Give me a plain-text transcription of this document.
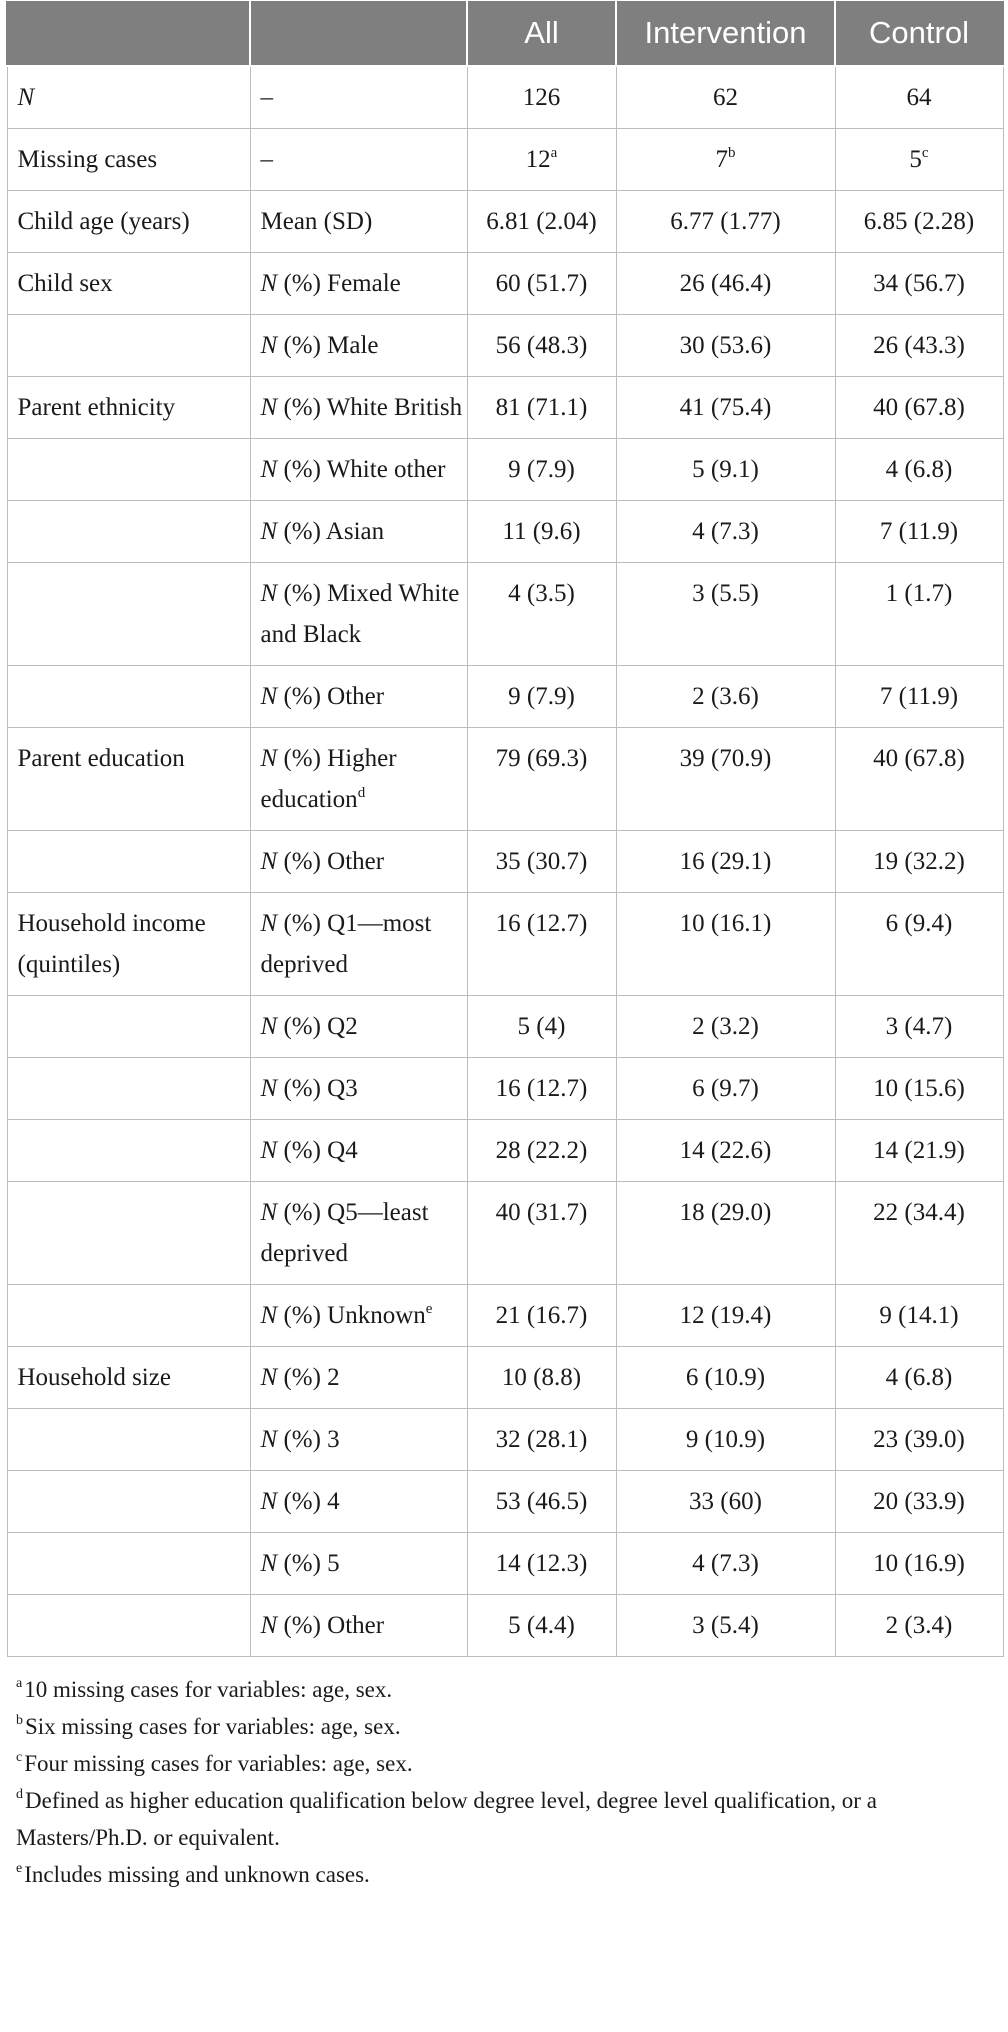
		All	Intervention	Control
N	–	126	62	64
Missing cases	–	12$^a$	7$^b$	5$^c$
Child age (years)	Mean (SD)	6.81 (2.04)	6.77 (1.77)	6.85 (2.28)
Child sex	N (%) Female	60 (51.7)	26 (46.4)	34 (56.7)
	N (%) Male	56 (48.3)	30 (53.6)	26 (43.3)
Parent ethnicity	N (%) White British	81 (71.1)	41 (75.4)	40 (67.8)
	N (%) White other	9 (7.9)	5 (9.1)	4 (6.8)
	N (%) Asian	11 (9.6)	4 (7.3)	7 (11.9)
	N (%) Mixed White and Black	4 (3.5)	3 (5.5)	1 (1.7)
	N (%) Other	9 (7.9)	2 (3.6)	7 (11.9)
Parent education	N (%) Higher education$^d$	79 (69.3)	39 (70.9)	40 (67.8)
	N (%) Other	35 (30.7)	16 (29.1)	19 (32.2)
Household income (quintiles)	N (%) Q1—most deprived	16 (12.7)	10 (16.1)	6 (9.4)
	N (%) Q2	5 (4)	2 (3.2)	3 (4.7)
	N (%) Q3	16 (12.7)	6 (9.7)	10 (15.6)
	N (%) Q4	28 (22.2)	14 (22.6)	14 (21.9)
	N (%) Q5—least deprived	40 (31.7)	18 (29.0)	22 (34.4)
	N (%) Unknown$^e$	21 (16.7)	12 (19.4)	9 (14.1)
Household size	N (%) 2	10 (8.8)	6 (10.9)	4 (6.8)
	N (%) 3	32 (28.1)	9 (10.9)	23 (39.0)
	N (%) 4	53 (46.5)	33 (60)	20 (33.9)
	N (%) 5	14 (12.3)	4 (7.3)	10 (16.9)
	N (%) Other	5 (4.4)	3 (5.4)	2 (3.4)
$^a$10 missing cases for variables: age, sex.
$^b$Six missing cases for variables: age, sex.
$^c$Four missing cases for variables: age, sex.
$^d$Defined as higher education qualification below degree level, degree level qualification, or a Masters/Ph.D. or equivalent.
$^e$Includes missing and unknown cases.
